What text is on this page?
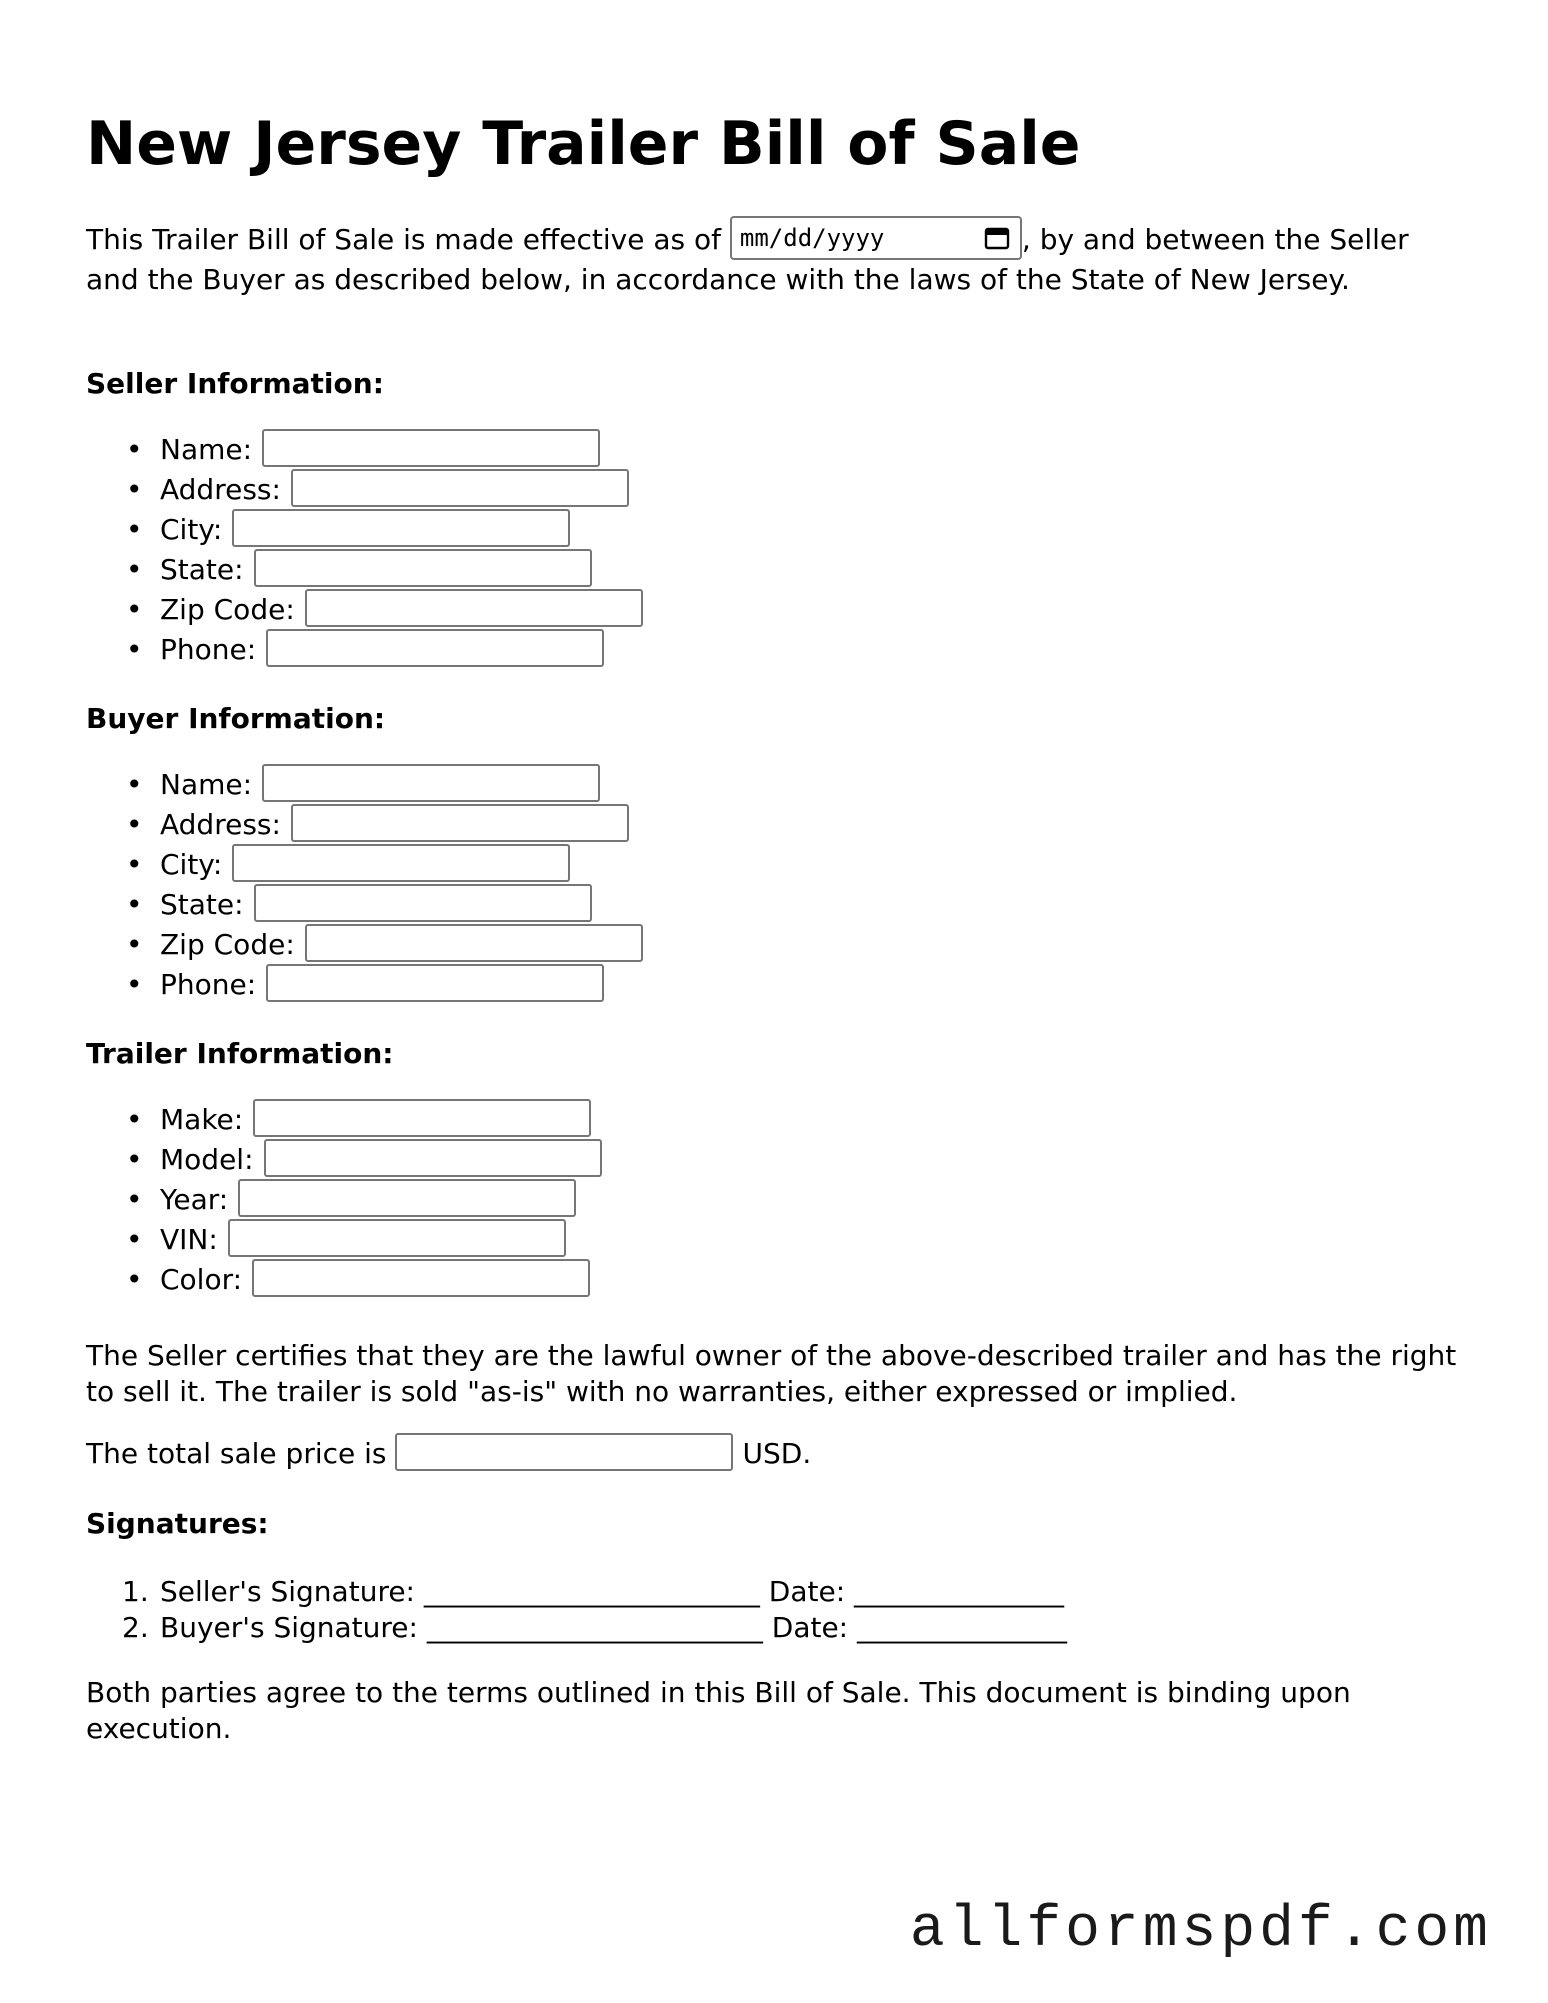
New Jersey Trailer Bill of Sale

This Trailer Bill of Sale is made effective as of mm/dd/yyyy	, by and between the Seller and the Buyer as described below, in accordance with the laws of the State of New Jersey.

Seller Information:
• Name:
• Address:
• City:
• State:
• Zip Code:
• Phone:
Buyer Information:
• Name:
• Address:
• City:
• State:
• Zip Code:
• Phone:
Trailer Information:
• Make:
• Model:
• Year:
• VIN:
• Color:

The Seller certifies that they are the lawful owner of the above-described trailer and has the right to sell it. The trailer is sold "as-is" with no warranties, either expressed or implied.

The total sale price is	USD.

Signatures:
1. Seller's Signature: ________________________ Date: _______________
2. Buyer's Signature: ________________________ Date: _______________

Both parties agree to the terms outlined in this Bill of Sale. This document is binding upon execution.

allformspdf.com
